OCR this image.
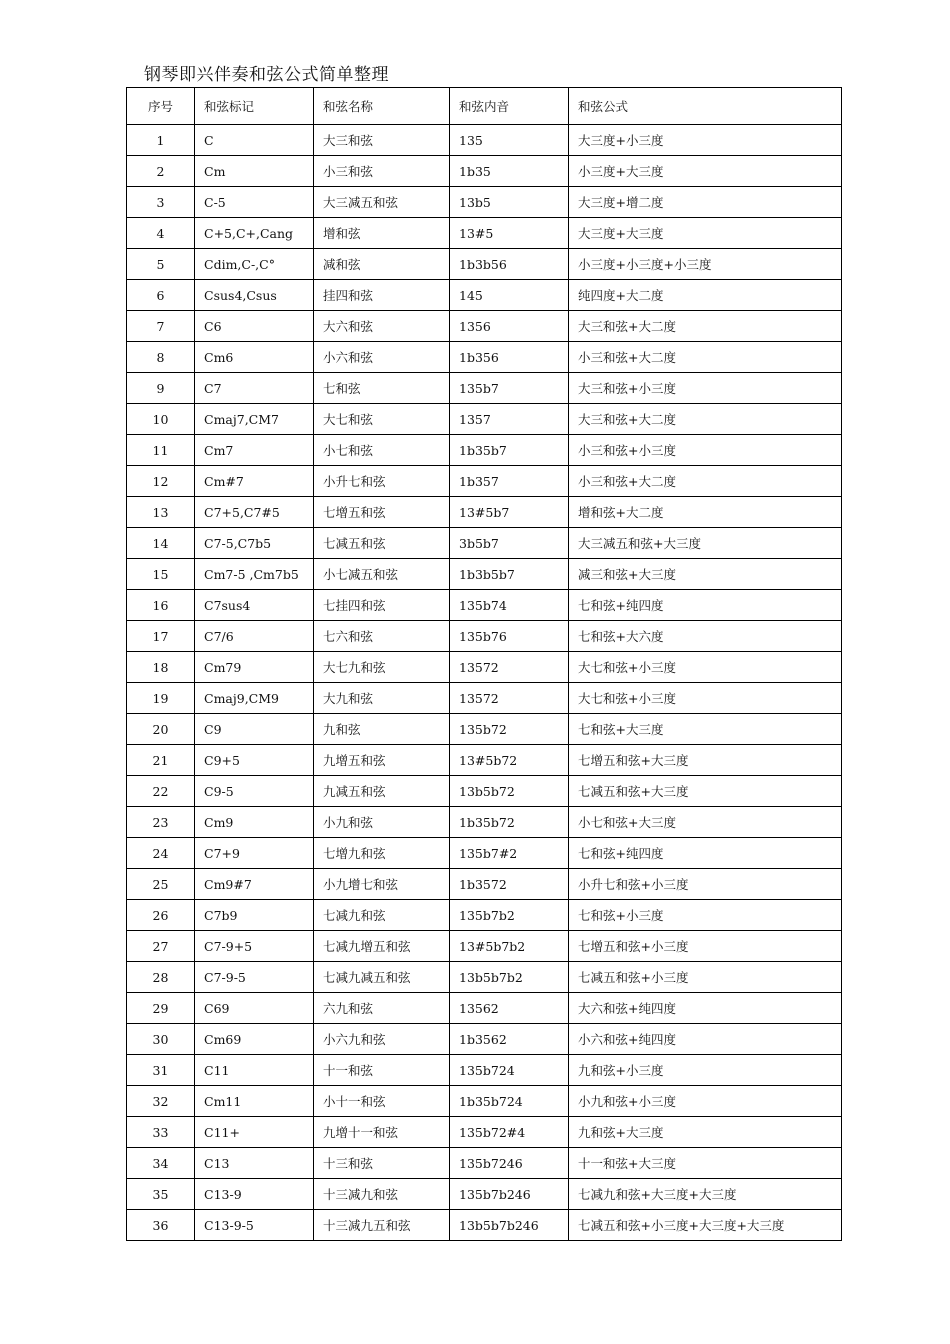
钢琴即兴伴奏和弦公式简单整理
序号	和弦标记	和弦名称	和弦内音	和弦公式
1	C	大三和弦	135	大三度+小三度
2	Cm	小三和弦	1b35	小三度+大三度
3	C-5	大三减五和弦	13b5	大三度+增二度
4	C+5,C+,Cang	增和弦	13#5	大三度+大三度
5	Cdim,C-,C°	减和弦	1b3b56	小三度+小三度+小三度
6	Csus4,Csus	挂四和弦	145	纯四度+大二度
7	C6	大六和弦	1356	大三和弦+大二度
8	Cm6	小六和弦	1b356	小三和弦+大二度
9	C7	七和弦	135b7	大三和弦+小三度
10	Cmaj7,CM7	大七和弦	1357	大三和弦+大二度
11	Cm7	小七和弦	1b35b7	小三和弦+小三度
12	Cm#7	小升七和弦	1b357	小三和弦+大二度
13	C7+5,C7#5	七增五和弦	13#5b7	增和弦+大二度
14	C7-5,C7b5	七减五和弦	3b5b7	大三减五和弦+大三度
15	Cm7-5 ,Cm7b5	小七减五和弦	1b3b5b7	减三和弦+大三度
16	C7sus4	七挂四和弦	135b74	七和弦+纯四度
17	C7/6	七六和弦	135b76	七和弦+大六度
18	Cm79	大七九和弦	13572	大七和弦+小三度
19	Cmaj9,CM9	大九和弦	13572	大七和弦+小三度
20	C9	九和弦	135b72	七和弦+大三度
21	C9+5	九增五和弦	13#5b72	七增五和弦+大三度
22	C9-5	九减五和弦	13b5b72	七减五和弦+大三度
23	Cm9	小九和弦	1b35b72	小七和弦+大三度
24	C7+9	七增九和弦	135b7#2	七和弦+纯四度
25	Cm9#7	小九增七和弦	1b3572	小升七和弦+小三度
26	C7b9	七减九和弦	135b7b2	七和弦+小三度
27	C7-9+5	七减九增五和弦	13#5b7b2	七增五和弦+小三度
28	C7-9-5	七减九减五和弦	13b5b7b2	七减五和弦+小三度
29	C69	六九和弦	13562	大六和弦+纯四度
30	Cm69	小六九和弦	1b3562	小六和弦+纯四度
31	C11	十一和弦	135b724	九和弦+小三度
32	Cm11	小十一和弦	1b35b724	小九和弦+小三度
33	C11+	九增十一和弦	135b72#4	九和弦+大三度
34	C13	十三和弦	135b7246	十一和弦+大三度
35	C13-9	十三减九和弦	135b7b246	七减九和弦+大三度+大三度
36	C13-9-5	十三减九五和弦	13b5b7b246	七减五和弦+小三度+大三度+大三度
